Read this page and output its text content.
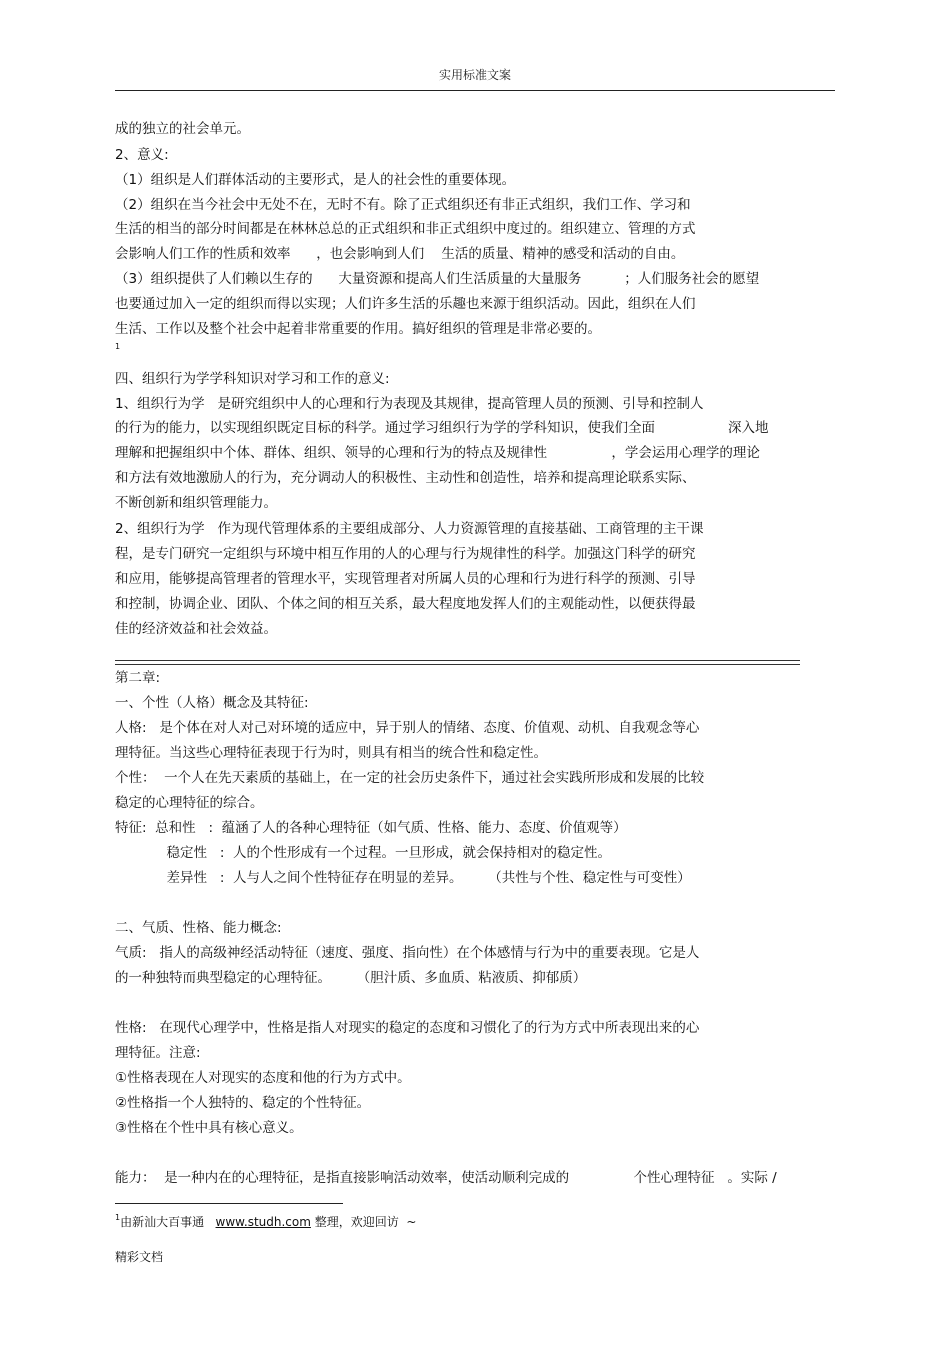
实用标准文案
成的独立的社会单元。
2、意义:
（1）组织是人们群体活动的主要形式，是人的社会性的重要体现。
（2）组织在当今社会中无处不在，无时不有。除了正式组织还有非正式组织，我们工作、学习和
生活的相当的部分时间都是在林林总总的正式组织和非正式组织中度过的。组织建立、管理的方式
会影响人们工作的性质和效率      ，也会影响到人们    生活的质量、精神的感受和活动的自由。
（3）组织提供了人们赖以生存的      大量资源和提高人们生活质量的大量服务          ；人们服务社会的愿望
也要通过加入一定的组织而得以实现；人们许多生活的乐趣也来源于组织活动。因此，组织在人们
生活、工作以及整个社会中起着非常重要的作用。搞好组织的管理是非常必要的。
四、组织行为学学科知识对学习和工作的意义:
1、组织行为学   是研究组织中人的心理和行为表现及其规律，提高管理人员的预测、引导和控制人
的行为的能力，以实现组织既定目标的科学。通过学习组织行为学的学科知识，使我们全面                 深入地
理解和把握组织中个体、群体、组织、领导的心理和行为的特点及规律性               ，学会运用心理学的理论
和方法有效地激励人的行为，充分调动人的积极性、主动性和创造性，培养和提高理论联系实际、
不断创新和组织管理能力。
2、组织行为学   作为现代管理体系的主要组成部分、人力资源管理的直接基础、工商管理的主干课
程，是专门研究一定组织与环境中相互作用的人的心理与行为规律性的科学。加强这门科学的研究
和应用，能够提高管理者的管理水平，实现管理者对所属人员的心理和行为进行科学的预测、引导
和控制，协调企业、团队、个体之间的相互关系，最大程度地发挥人们的主观能动性，以便获得最
佳的经济效益和社会效益。
第二章:
一、个性（人格）概念及其特征:
人格:   是个体在对人对己对环境的适应中，异于别人的情绪、态度、价值观、动机、自我观念等心
理特征。当这些心理特征表现于行为时，则具有相当的统合性和稳定性。
个性：  一个人在先天素质的基础上，在一定的社会历史条件下，通过社会实践所形成和发展的比较
稳定的心理特征的综合。
特征:  总和性   :  蕴涵了人的各种心理特征（如气质、性格、能力、态度、价值观等）
稳定性   :  人的个性形成有一个过程。一旦形成，就会保持相对的稳定性。
差异性   :  人与人之间个性特征存在明显的差异。      （共性与个性、稳定性与可变性）
二、气质、性格、能力概念:
气质:   指人的高级神经活动特征（速度、强度、指向性）在个体感情与行为中的重要表现。它是人
的一种独特而典型稳定的心理特征。      （胆汁质、多血质、粘液质、抑郁质）
性格:   在现代心理学中，性格是指人对现实的稳定的态度和习惯化了的行为方式中所表现出来的心
理特征。注意:
①性格表现在人对现实的态度和他的行为方式中。
②性格指一个人独特的、稳定的个性特征。
③性格在个性中具有核心意义。
能力：  是一种内在的心理特征，是指直接影响活动效率，使活动顺利完成的               个性心理特征   。实际 /
1
$^1$由新汕大百事通   www.studh.com 整理，欢迎回访  ~
精彩文档
